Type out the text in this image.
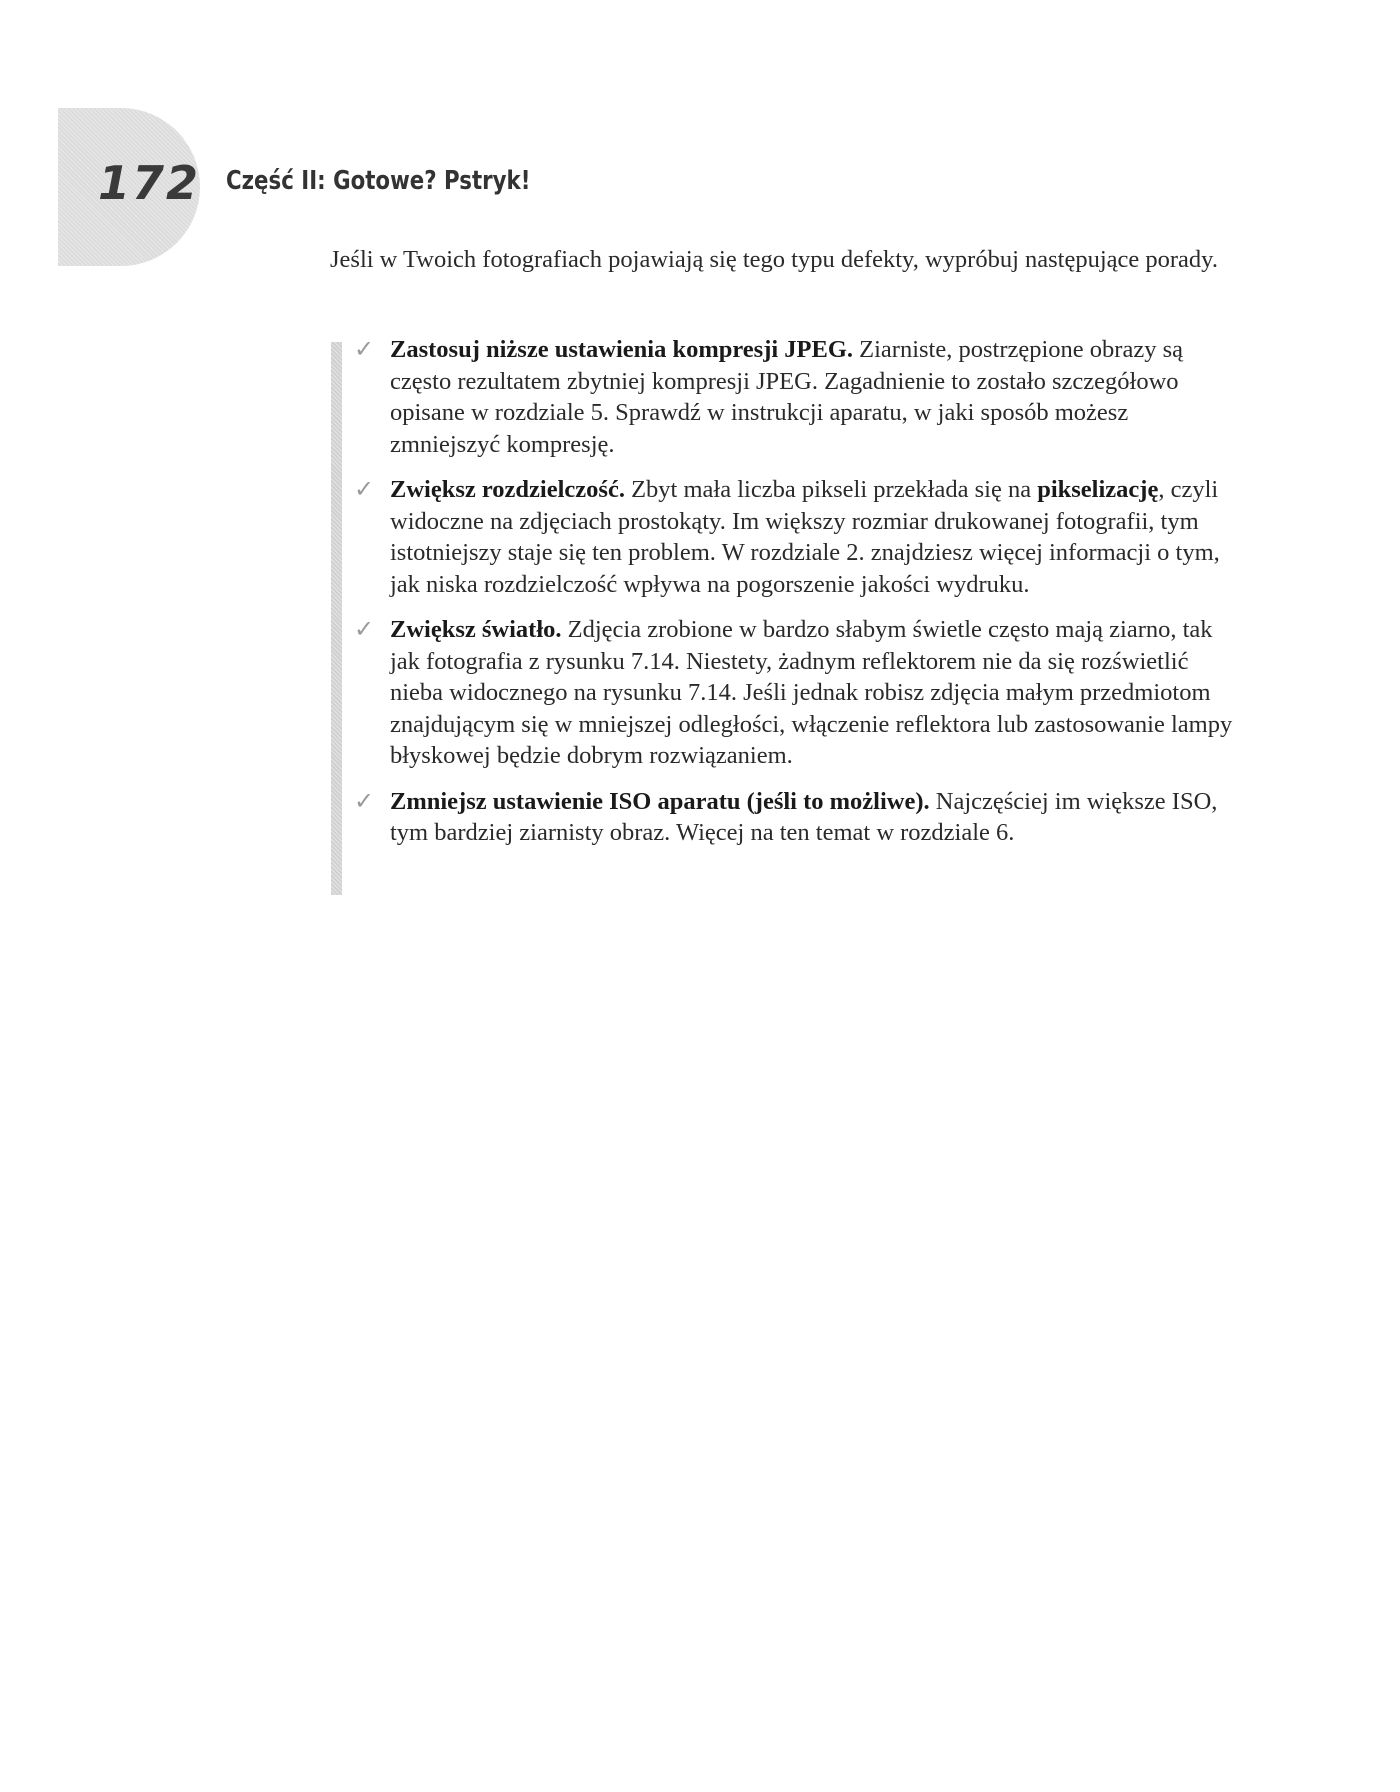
172 Część II: Gotowe? Pstryk!

Jeśli w Twoich fotografiach pojawiają się tego typu defekty, wypróbuj następujące porady.

✓ Zastosuj niższe ustawienia kompresji JPEG. Ziarniste, postrzępione obrazy są często rezultatem zbytniej kompresji JPEG. Zagadnienie to zostało szczegółowo opisane w rozdziale 5. Sprawdź w instrukcji aparatu, w jaki sposób możesz zmniejszyć kompresję.
✓ Zwiększ rozdzielczość. Zbyt mała liczba pikseli przekłada się na pikselizację, czyli widoczne na zdjęciach prostokąty. Im większy rozmiar drukowanej fotografii, tym istotniejszy staje się ten problem. W rozdziale 2. znajdziesz więcej informacji o tym, jak niska rozdzielczość wpływa na pogorszenie jakości wydruku.
✓ Zwiększ światło. Zdjęcia zrobione w bardzo słabym świetle często mają ziarno, tak jak fotografia z rysunku 7.14. Niestety, żadnym reflektorem nie da się rozświetlić nieba widocznego na rysunku 7.14. Jeśli jednak robisz zdjęcia małym przedmiotom znajdującym się w mniejszej odległości, włączenie reflektora lub zastosowanie lampy błyskowej będzie dobrym rozwiązaniem.
✓ Zmniejsz ustawienie ISO aparatu (jeśli to możliwe). Najczęściej im większe ISO, tym bardziej ziarnisty obraz. Więcej na ten temat w rozdziale 6.
